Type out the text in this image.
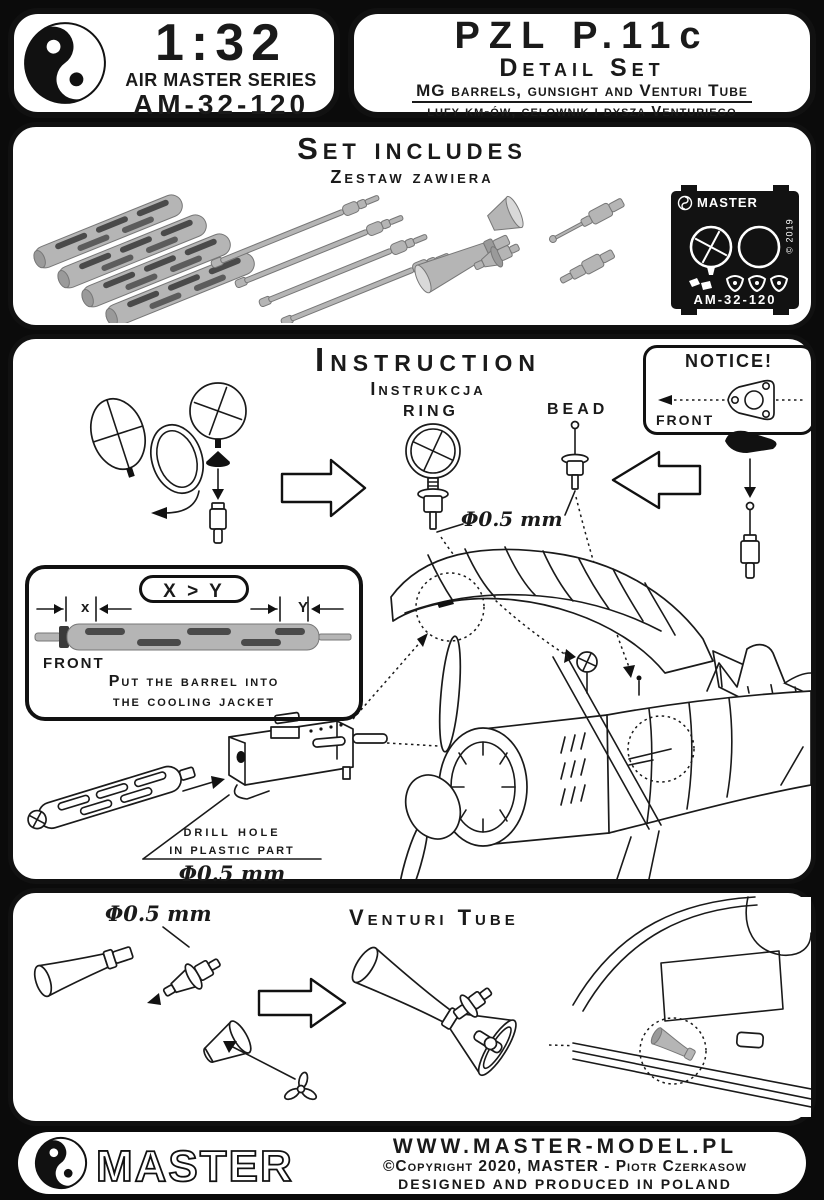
1:32
AIR MASTER SERIES
AM-32-120
PZL P.11c
Detail Set
MG barrels, gunsight and Venturi Tube
lufy km-ów, celownik i dysza Venturiego
Set includes
Zestaw zawiera
MASTER
© 2019
AM-32-120
Instruction
Instrukcja
NOTICE!
FRONT
RING	BEAD
Φ0.5 mm
X > Y
x	Y
FRONT
Put the barrel into
the cooling jacket
drill hole
in plastic part
Φ0.5 mm
Φ0.5 mm	Venturi Tube
MASTER	WWW.MASTER-MODEL.PL
©Copyright 2020, MASTER - Piotr Czerkasow
DESIGNED AND PRODUCED IN POLAND
